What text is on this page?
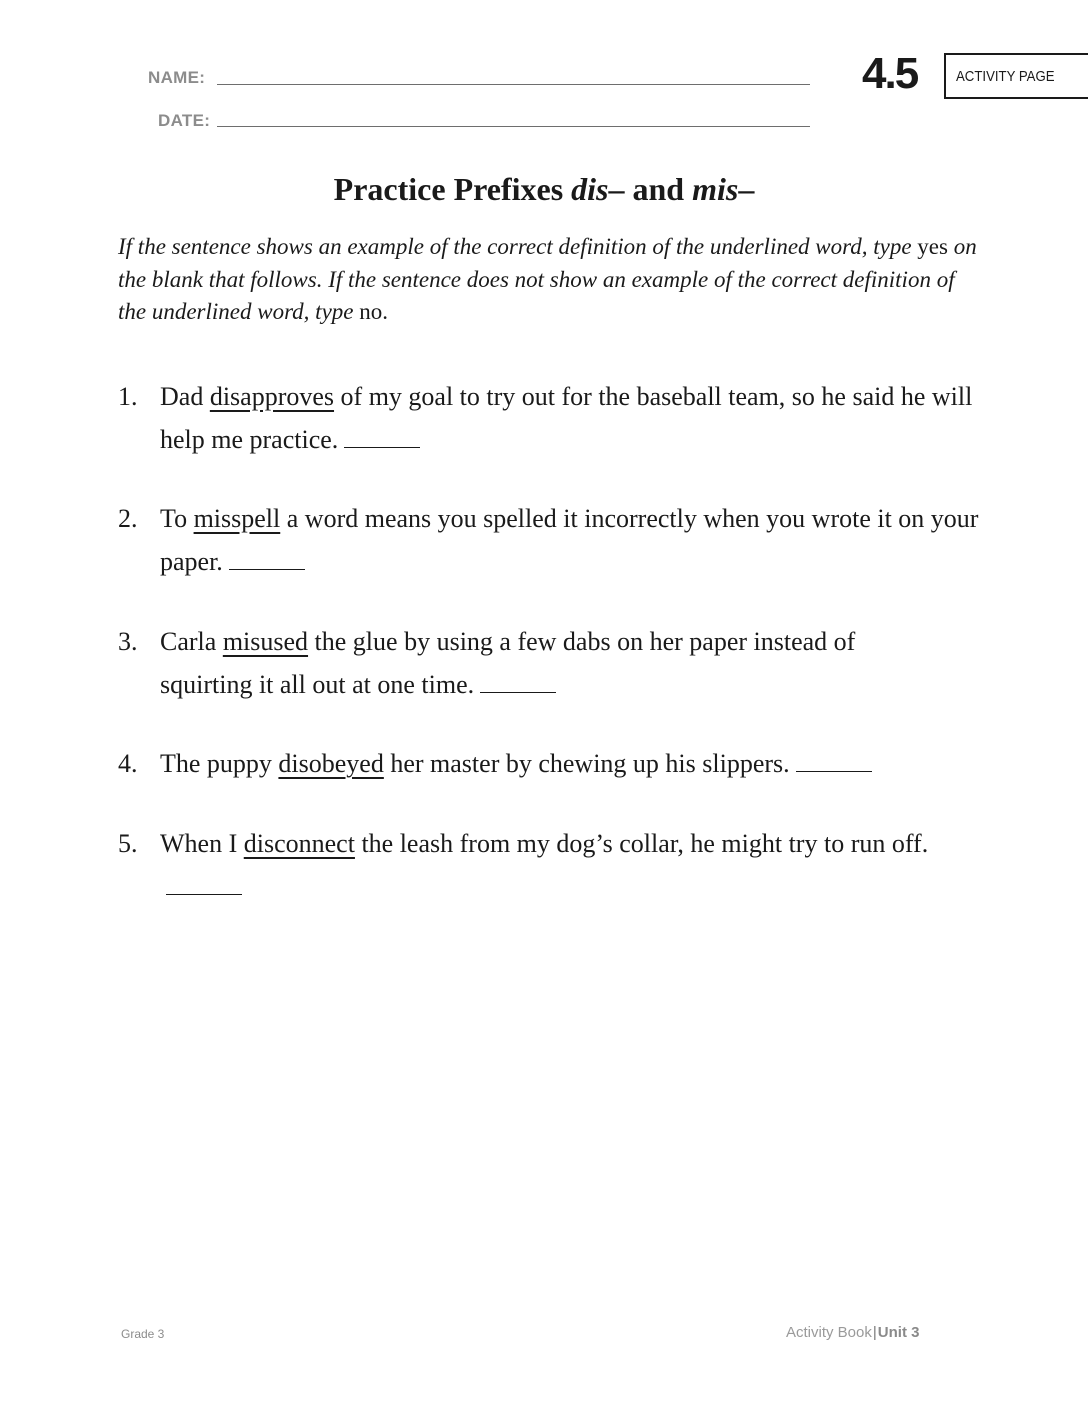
NAME:
DATE:
4.5	ACTIVITY PAGE
Practice Prefixes dis– and mis–
If the sentence shows an example of the correct definition of the underlined word, type yes on the blank that follows. If the sentence does not show an example of the correct definition of the underlined word, type no.
1. Dad disapproves of my goal to try out for the baseball team, so he said he will help me practice.
2. To misspell a word means you spelled it incorrectly when you wrote it on your paper.
3. Carla misused the glue by using a few dabs on her paper instead of squirting it all out at one time.
4. The puppy disobeyed her master by chewing up his slippers.
5. When I disconnect the leash from my dog’s collar, he might try to run off.
Grade 3	Activity Book|Unit 3
